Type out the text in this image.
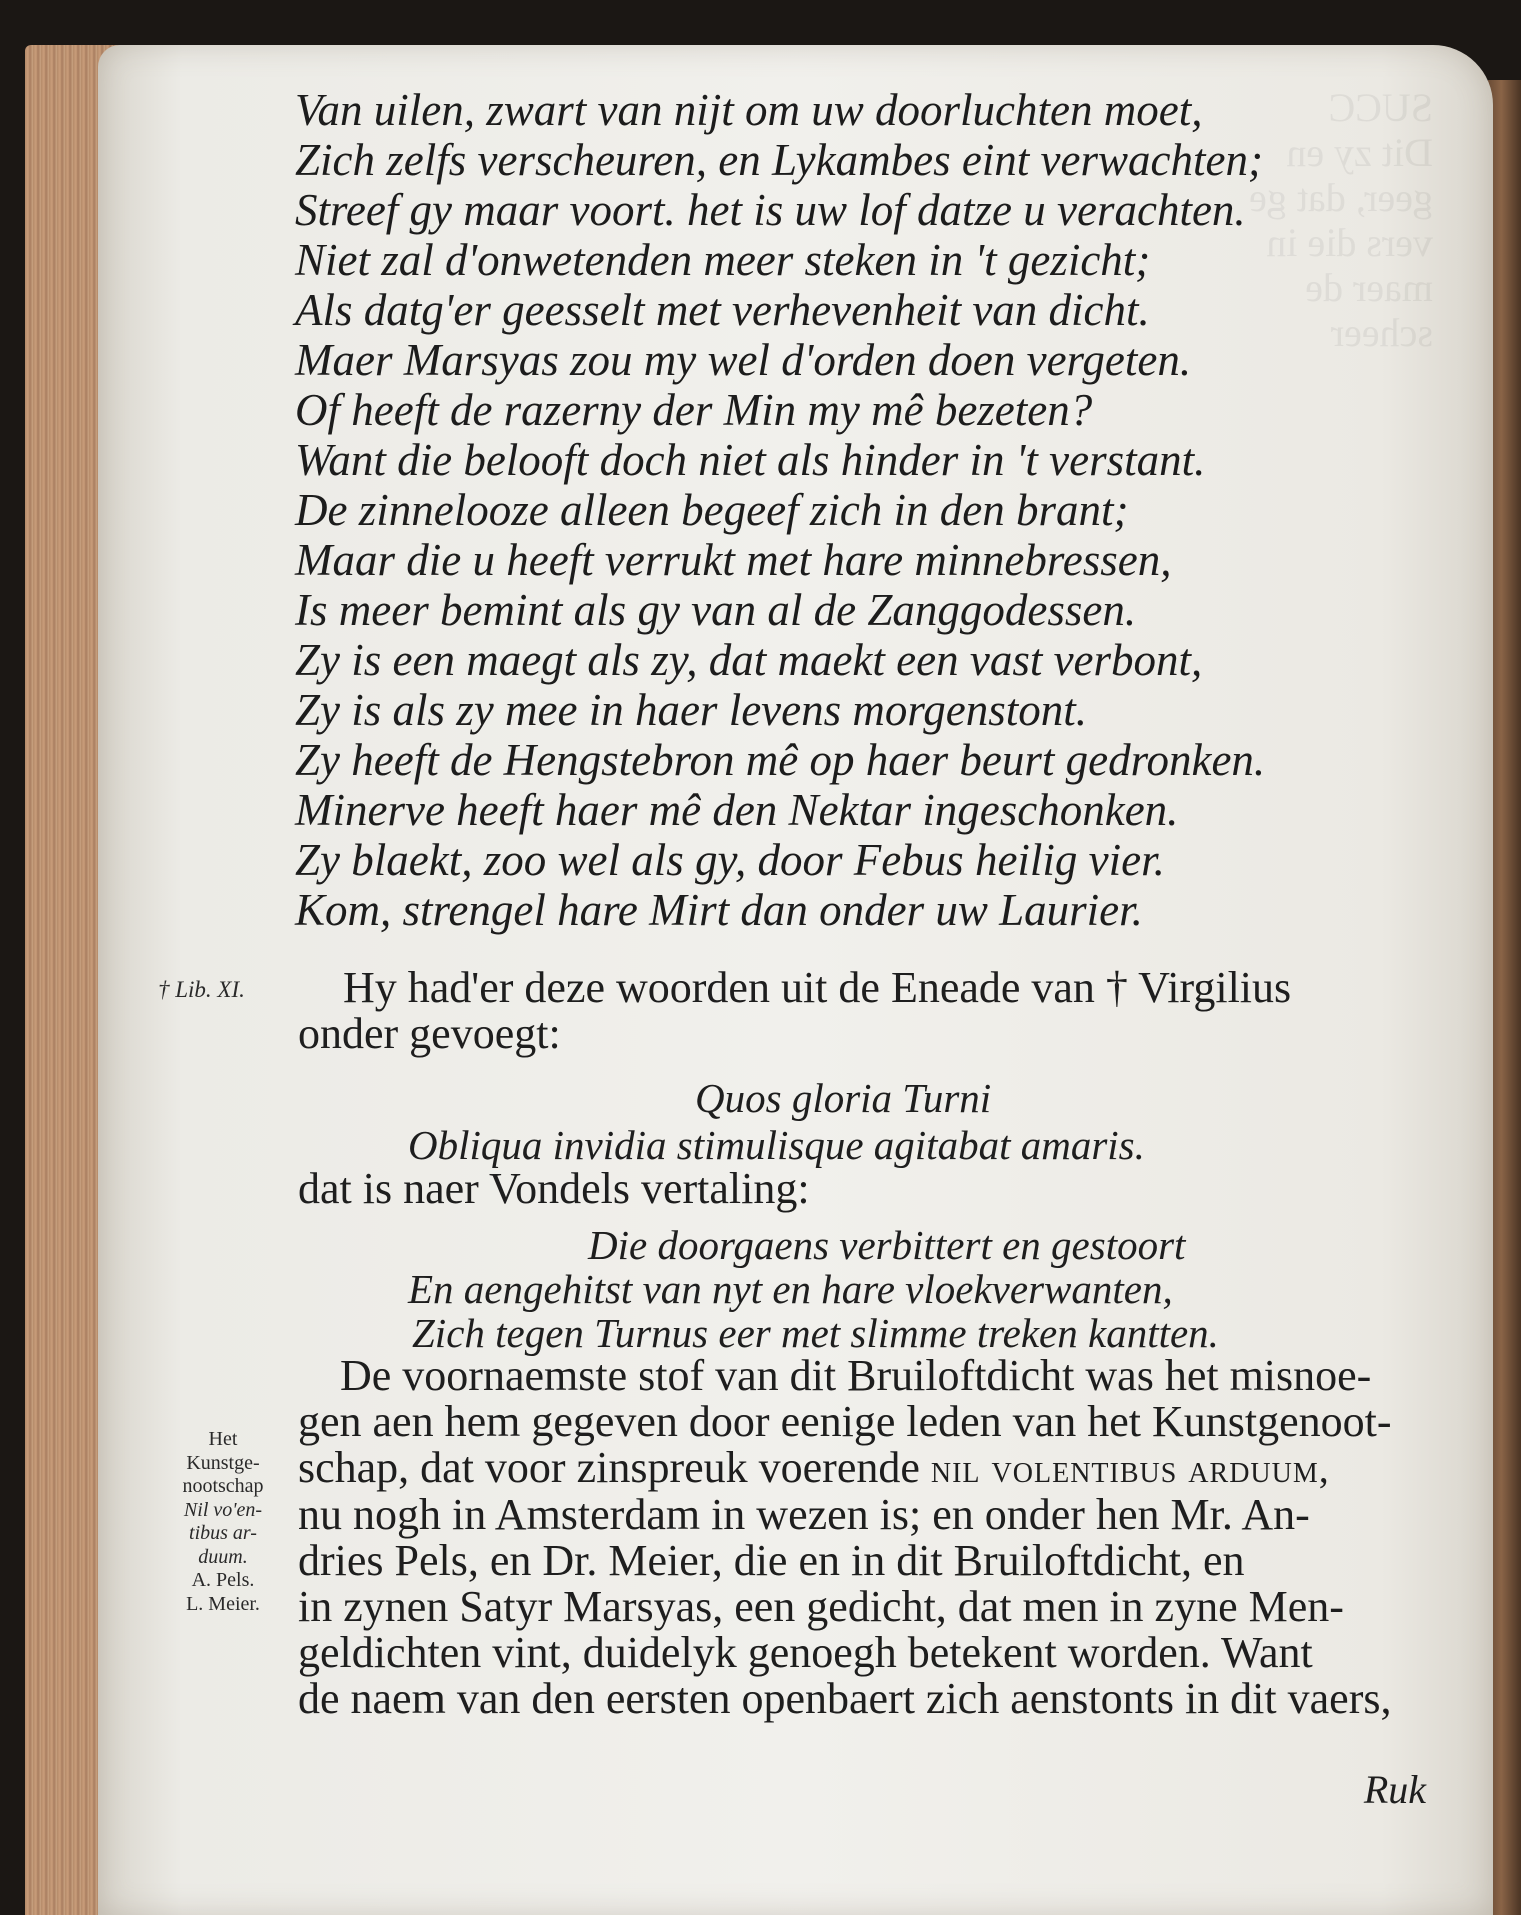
SUCC
Dit zy en
geer, dat ge
vers die in
maer de
scheer
Van uilen, zwart van nijt om uw doorluchten moet,
Zich zelfs verscheuren, en Lykambes eint verwachten;
Streef gy maar voort. het is uw lof datze u verachten.
Niet zal d'onwetenden meer steken in 't gezicht;
Als datg'er geesselt met verhevenheit van dicht.
Maer Marsyas zou my wel d'orden doen vergeten.
Of heeft de razerny der Min my mê bezeten?
Want die belooft doch niet als hinder in 't verstant.
De zinnelooze alleen begeef zich in den brant;
Maar die u heeft verrukt met hare minnebressen,
Is meer bemint als gy van al de Zanggodessen.
Zy is een maegt als zy, dat maekt een vast verbont,
Zy is als zy mee in haer levens morgenstont.
Zy heeft de Hengstebron mê op haer beurt gedronken.
Minerve heeft haer mê den Nektar ingeschonken.
Zy blaekt, zoo wel als gy, door Febus heilig vier.
Kom, strengel hare Mirt dan onder uw Laurier.
† Lib. XI.	Hy had'er deze woorden uit de Eneade van † Virgilius
onder gevoegt:
Quos gloria Turni
Obliqua invidia stimulisque agitabat amaris.
dat is naer Vondels vertaling:
Die doorgaens verbittert en gestoort
En aengehitst van nyt en hare vloekverwanten,
Zich tegen Turnus eer met slimme treken kantten.
De voornaemste stof van dit Bruiloftdicht was het misnoe-
gen aen hem gegeven door eenige leden van het Kunstgenoot-
schap, dat voor zinspreuk voerende nil volentibus arduum,
nu nogh in Amsterdam in wezen is; en onder hen Mr. An-
dries Pels, en Dr. Meier, die en in dit Bruiloftdicht, en
in zynen Satyr Marsyas, een gedicht, dat men in zyne Men-
geldichten vint, duidelyk genoegh betekent worden. Want
de naem van den eersten openbaert zich aenstonts in dit vaers,
Het
Kunstge-
nootschap
Nil vo'en-
tibus ar-
duum.
A. Pels.
L. Meier.
Ruk
